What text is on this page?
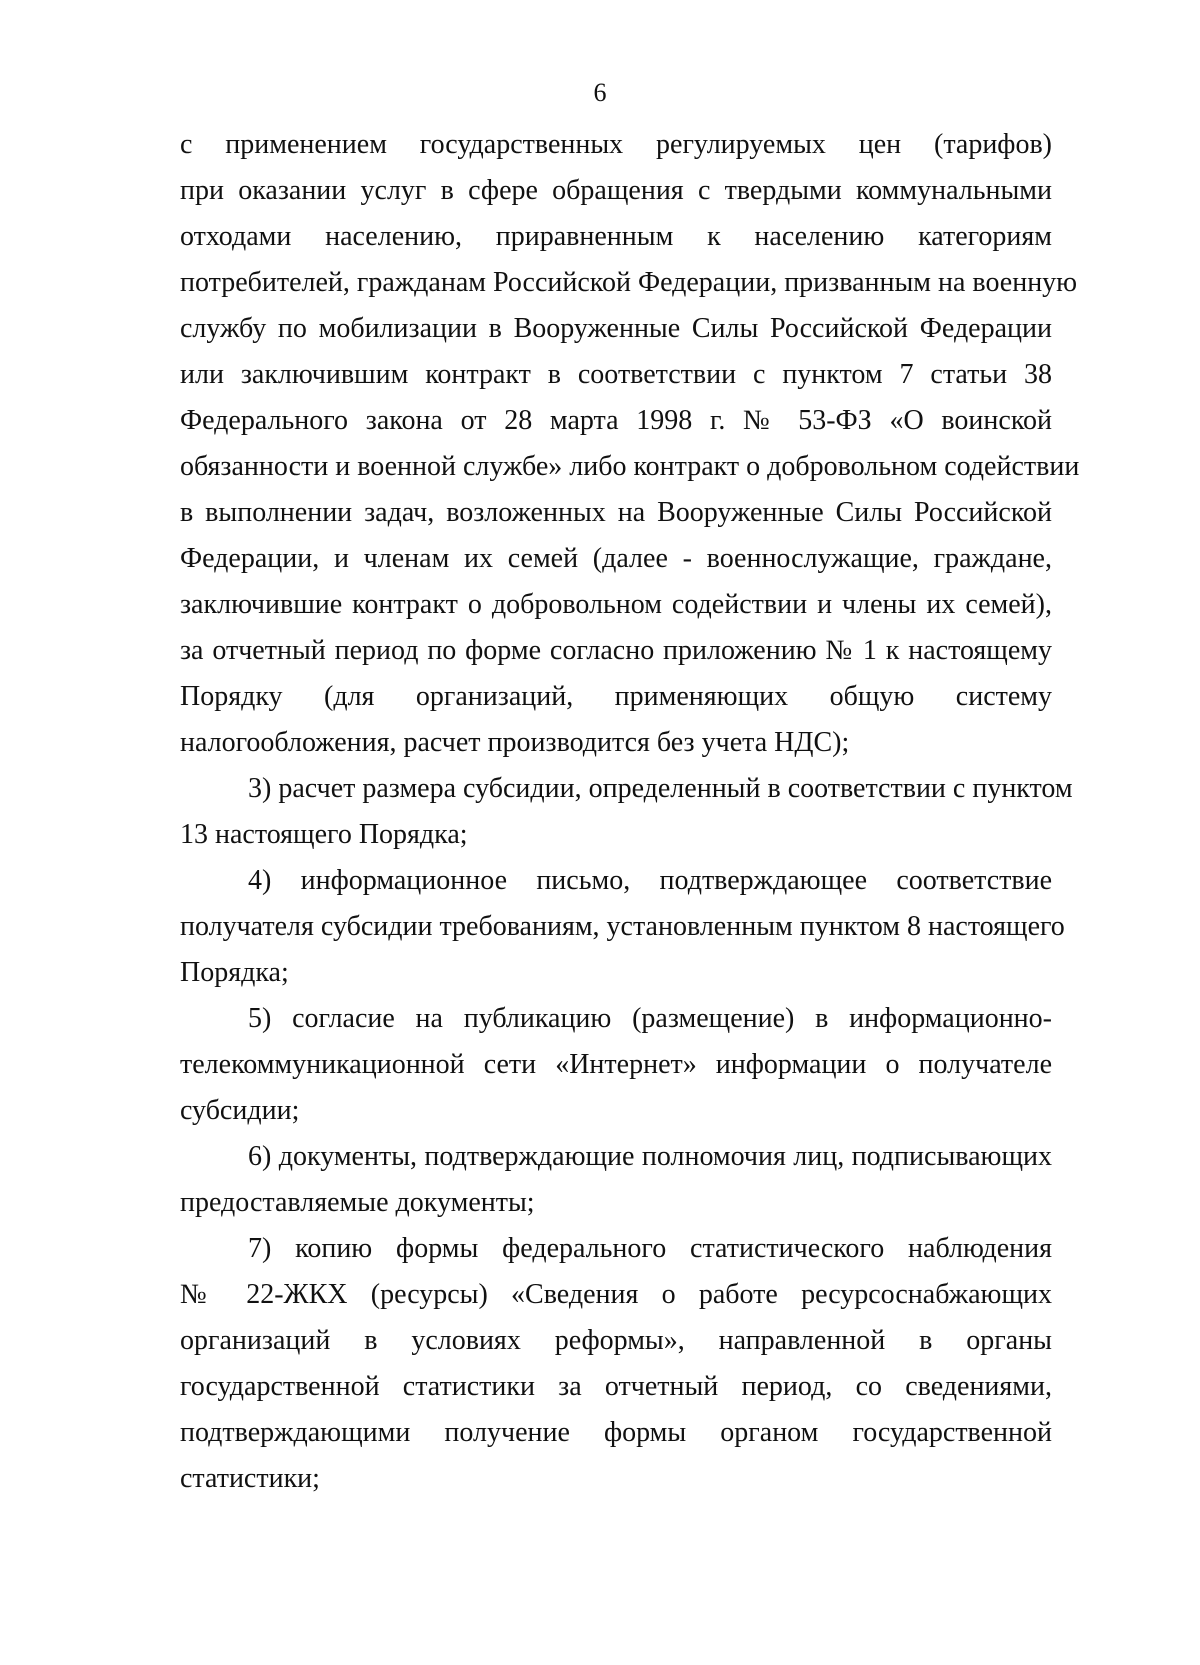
6
с применением государственных регулируемых цен (тарифов)
при оказании услуг в сфере обращения с твердыми коммунальными
отходами населению, приравненным к населению категориям
потребителей, гражданам Российской Федерации, призванным на военную
службу по мобилизации в Вооруженные Силы Российской Федерации
или заключившим контракт в соответствии с пунктом 7 статьи 38
Федерального закона от 28 марта 1998 г. № 53-ФЗ «О воинской
обязанности и военной службе» либо контракт о добровольном содействии
в выполнении задач, возложенных на Вооруженные Силы Российской
Федерации, и членам их семей (далее - военнослужащие, граждане,
заключившие контракт о добровольном содействии и члены их семей),
за отчетный период по форме согласно приложению № 1 к настоящему
Порядку (для организаций, применяющих общую систему
налогообложения, расчет производится без учета НДС);
3) расчет размера субсидии, определенный в соответствии с пунктом
13 настоящего Порядка;
4) информационное письмо, подтверждающее соответствие
получателя субсидии требованиям, установленным пунктом 8 настоящего
Порядка;
5) согласие на публикацию (размещение) в информационно-
телекоммуникационной сети «Интернет» информации о получателе
субсидии;
6) документы, подтверждающие полномочия лиц, подписывающих
предоставляемые документы;
7) копию формы федерального статистического наблюдения
№ 22-ЖКХ (ресурсы) «Сведения о работе ресурсоснабжающих
организаций в условиях реформы», направленной в органы
государственной статистики за отчетный период, со сведениями,
подтверждающими получение формы органом государственной
статистики;
